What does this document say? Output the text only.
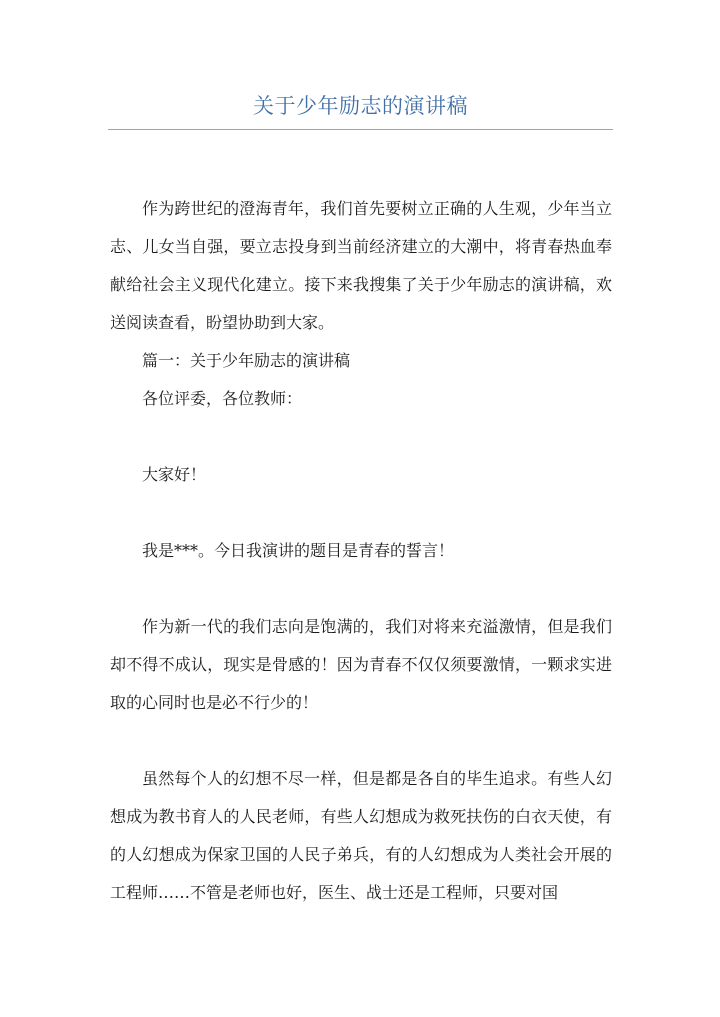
关于少年励志的演讲稿

作为跨世纪的澄海青年，我们首先要树立正确的人生观，少年当立志、儿女当自强，要立志投身到当前经济建立的大潮中，将青春热血奉献给社会主义现代化建立。接下来我搜集了关于少年励志的演讲稿，欢送阅读查看，盼望协助到大家。

篇一：关于少年励志的演讲稿

各位评委，各位教师：

大家好！

我是***。今日我演讲的题目是青春的誓言！

作为新一代的我们志向是饱满的，我们对将来充溢激情，但是我们却不得不成认，现实是骨感的！因为青春不仅仅须要激情，一颗求实进取的心同时也是必不行少的！

虽然每个人的幻想不尽一样，但是都是各自的毕生追求。有些人幻想成为教书育人的人民老师，有些人幻想成为救死扶伤的白衣天使，有的人幻想成为保家卫国的人民子弟兵，有的人幻想成为人类社会开展的工程师……不管是老师也好，医生、战士还是工程师，只要对国
